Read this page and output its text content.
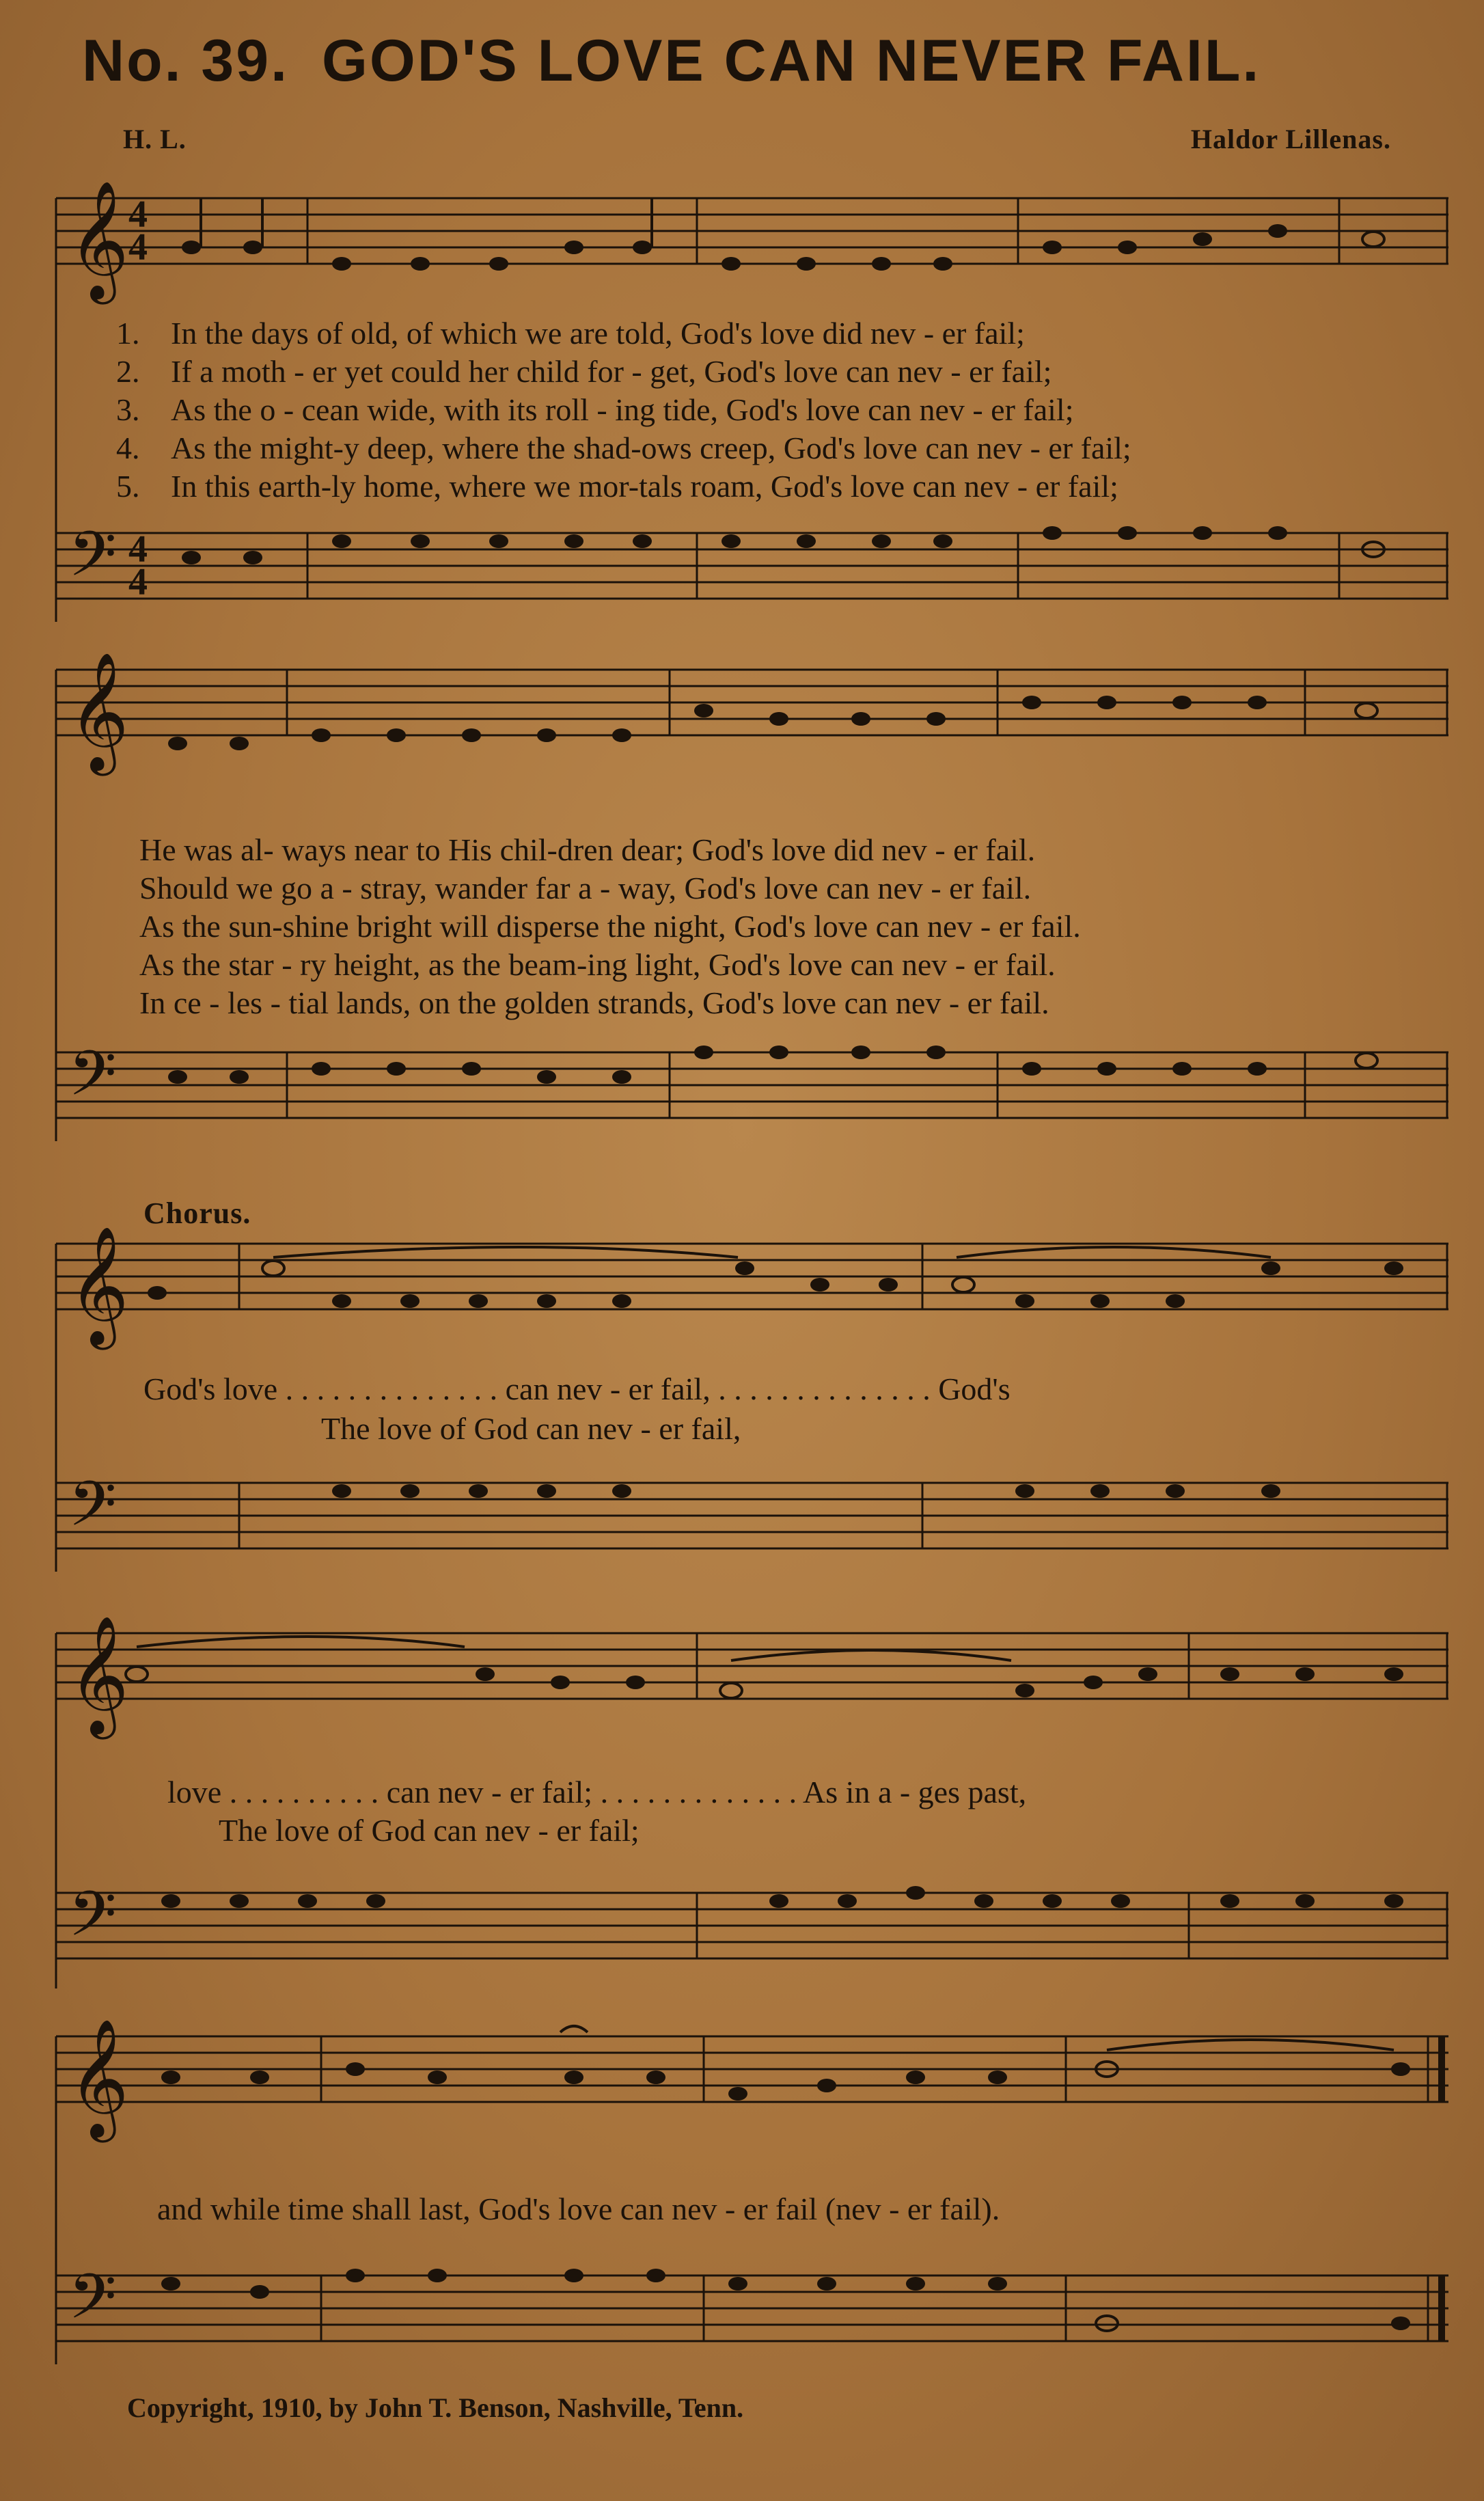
No. 39. GOD'S LOVE CAN NEVER FAIL.
H. L.	Haldor Lillenas.
𝄞 4
4
𝄢 4
4
1. In the days of old, of which we are told, God's love did nev - er fail;
2. If a moth - er yet could her child for - get, God's love can nev - er fail;
3. As the o - cean wide, with its roll - ing tide, God's love can nev - er fail;
4. As the might-y deep, where the shad-ows creep, God's love can nev - er fail;
5. In this earth-ly home, where we mor-tals roam, God's love can nev - er fail;
𝄞
𝄢
He was al- ways near to His chil-dren dear; God's love did nev - er fail.
Should we go a - stray, wander far a - way, God's love can nev - er fail.
As the sun-shine bright will disperse the night, God's love can nev - er fail.
As the star - ry height, as the beam-ing light, God's love can nev - er fail.
In ce - les - tial lands, on the golden strands, God's love can nev - er fail.
Chorus.
𝄞
𝄢
God's love . . . . . . . . . . . . . . can nev - er fail, . . . . . . . . . . . . . . God's
The love of God can nev - er fail,
𝄞
𝄢
love . . . . . . . . . . can nev - er fail; . . . . . . . . . . . . . As in a - ges past,
The love of God can nev - er fail;
𝄞
𝄢
and while time shall last, God's love can nev - er fail (nev - er fail).
Copyright, 1910, by John T. Benson, Nashville, Tenn.
